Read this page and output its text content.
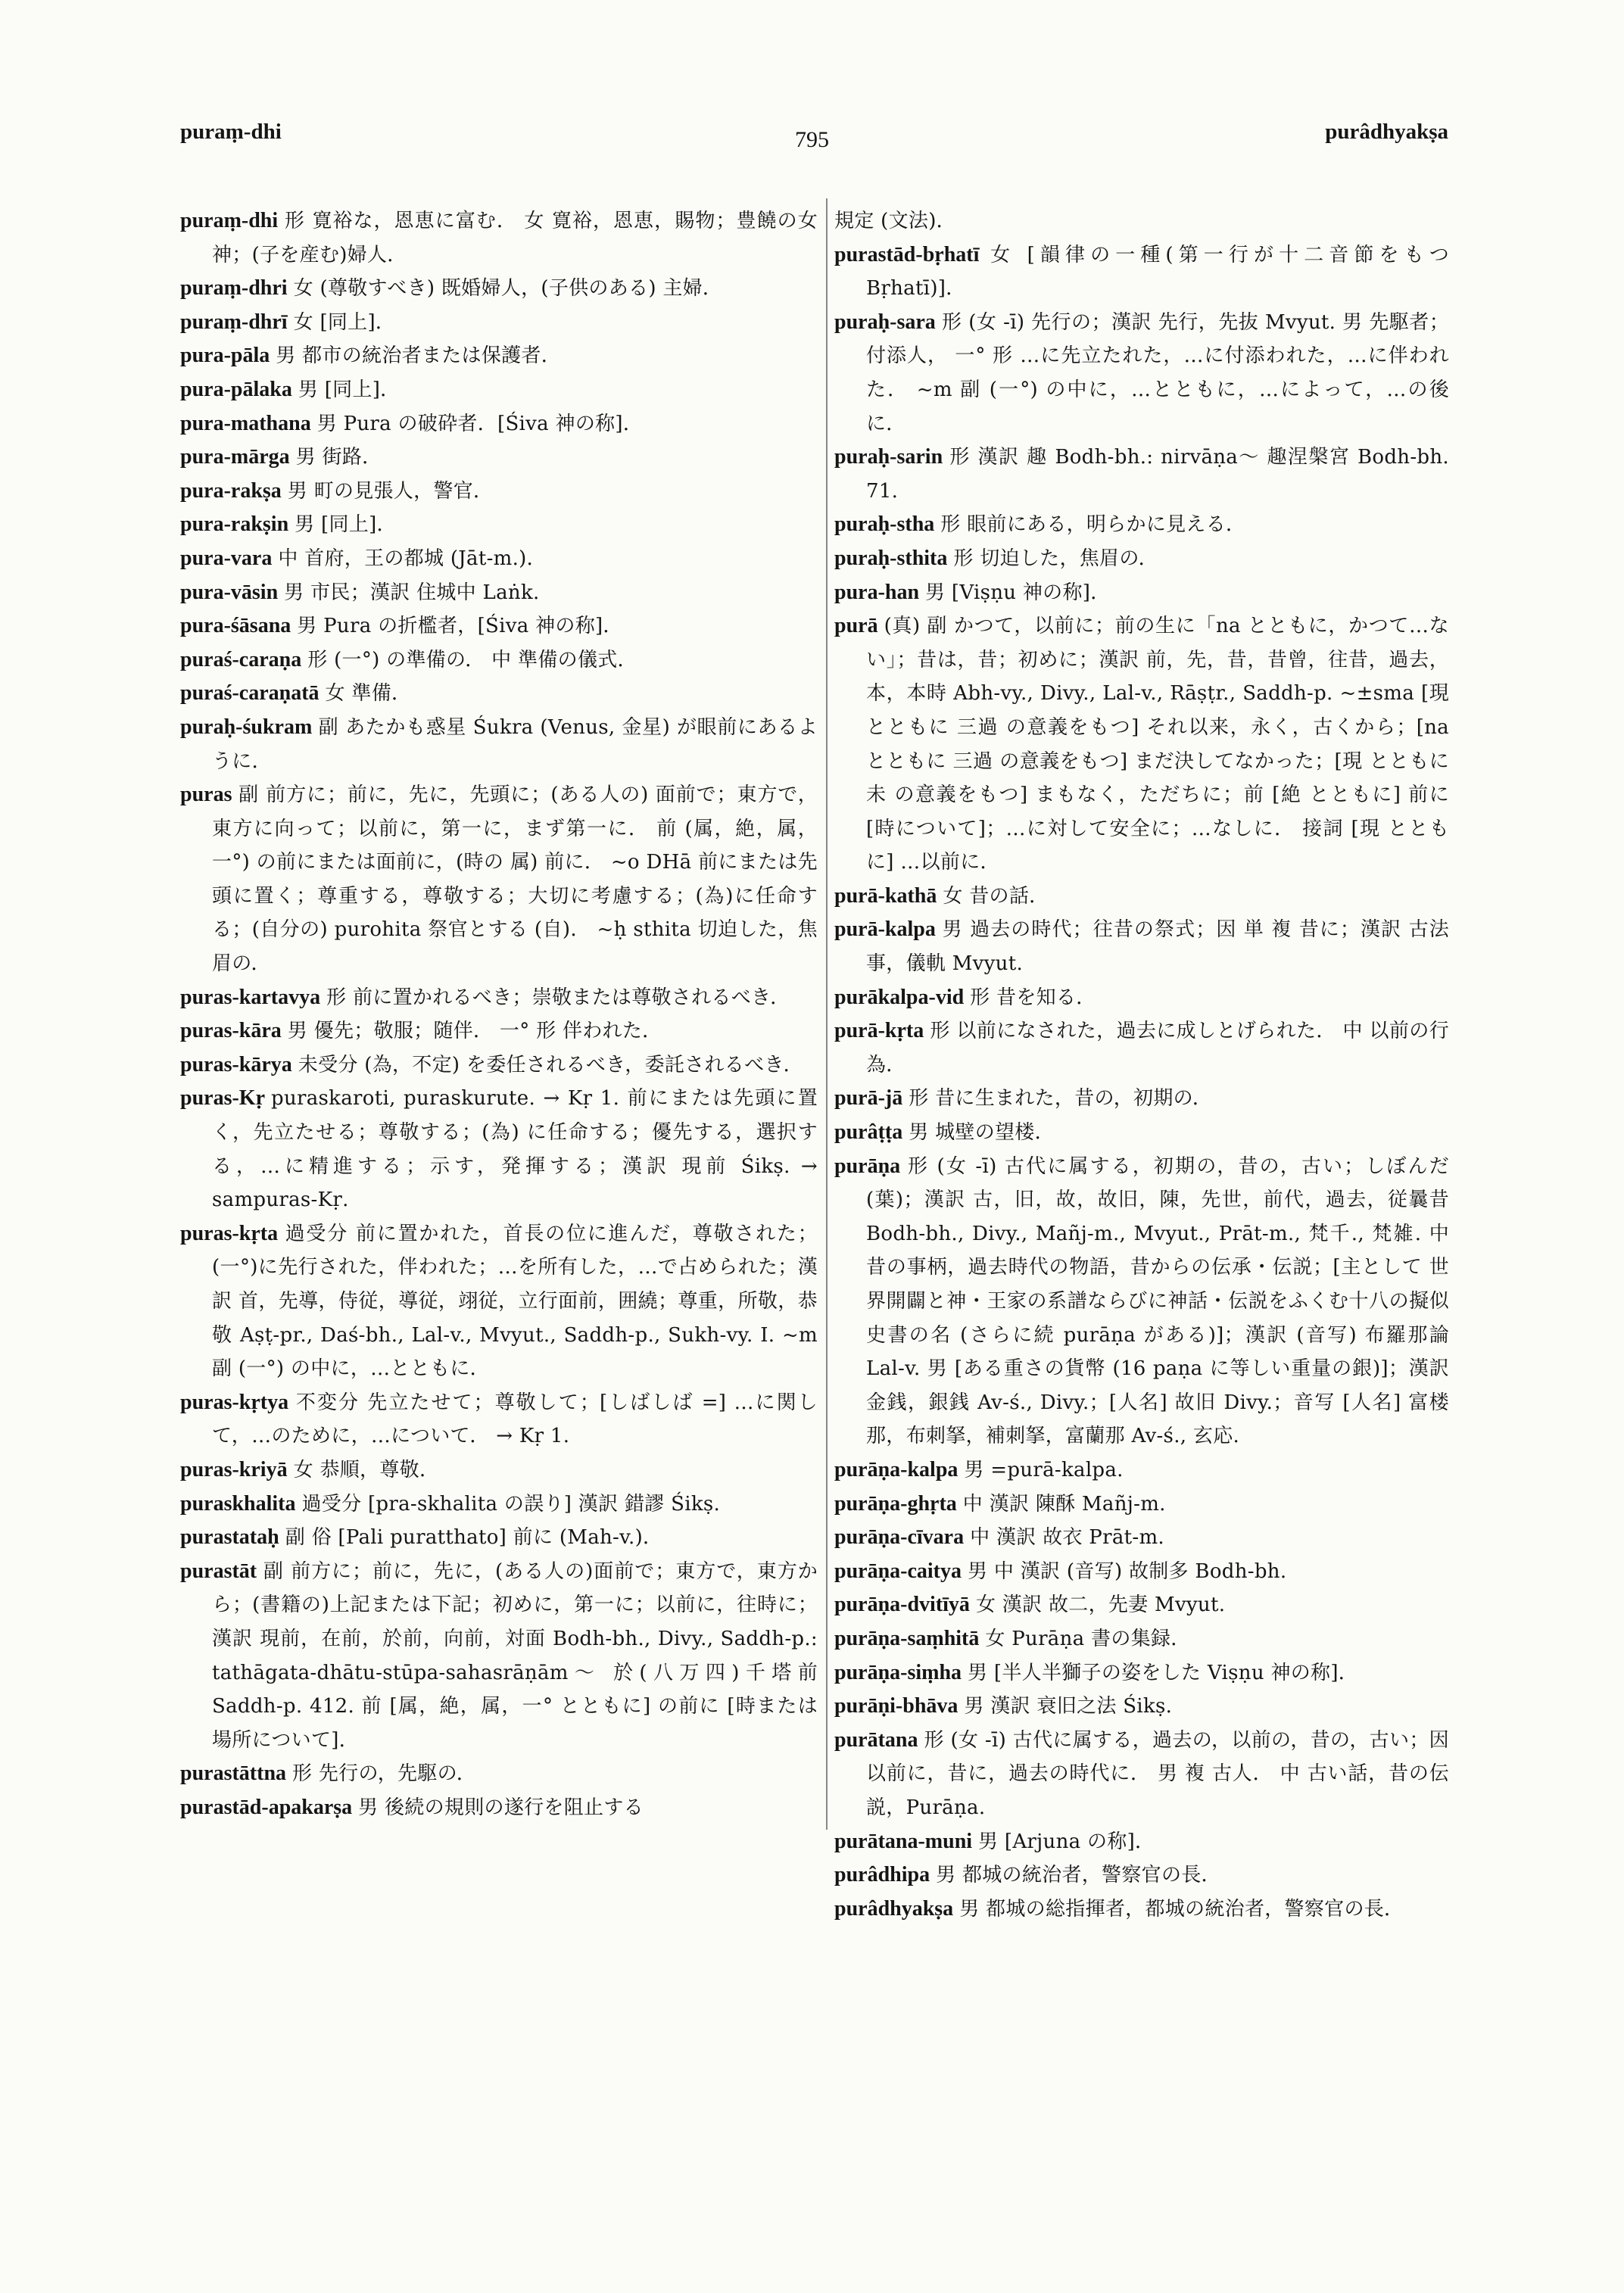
puraṃ-dhi	795	purâdhyakṣa
puraṃ-dhi 形 寛裕な，恩恵に富む． 女 寛裕，恩恵，賜物；豊饒の女神；(子を産む)婦人．
puraṃ-dhri 女 (尊敬すべき) 既婚婦人，(子供のある) 主婦．
puraṃ-dhrī 女 [同上]．
pura-pāla 男 都市の統治者または保護者．
pura-pālaka 男 [同上]．
pura-mathana 男 Pura の破砕者．[Śiva 神の称]．
pura-mārga 男 街路．
pura-rakṣa 男 町の見張人，警官．
pura-rakṣin 男 [同上]．
pura-vara 中 首府，王の都城 (Jāt-m.)．
pura-vāsin 男 市民；漢訳 住城中 Laṅk.
pura-śāsana 男 Pura の折檻者，[Śiva 神の称]．
puraś-caraṇa 形 (一°) の準備の． 中 準備の儀式．
puraś-caraṇatā 女 準備．
puraḥ-śukram 副 あたかも惑星 Śukra (Venus, 金星) が眼前にあるように．
puras 副 前方に；前に，先に，先頭に；(ある人の) 面前で；東方で，東方に向って；以前に，第一に，まず第一に． 前 (属，絶，属，一°) の前にまたは面前に，(時の 属) 前に． ~o DHā 前にまたは先頭に置く；尊重する，尊敬する；大切に考慮する；(為)に任命する；(自分の) purohita 祭官とする (自)． ~ḥ sthita 切迫した，焦眉の．
puras-kartavya 形 前に置かれるべき；崇敬または尊敬されるべき．
puras-kāra 男 優先；敬服；随伴． 一° 形 伴われた．
puras-kārya 未受分 (為，不定) を委任されるべき，委託されるべき．
puras-Kṛ puraskaroti, puraskurute. → Kṛ 1. 前にまたは先頭に置く，先立たせる；尊敬する；(為) に任命する；優先する，選択する，…に精進する；示す，発揮する；漢訳 現前 Śikṣ. → sampuras-Kṛ.
puras-kṛta 過受分 前に置かれた，首長の位に進んだ，尊敬された；(一°)に先行された，伴われた；…を所有した，…で占められた；漢訳 首，先導，侍従，導従，翊従，立行面前，囲繞；尊重，所敬，恭敬 Aṣṭ-pr., Daś-bh., Lal-v., Mvyut., Saddh-p., Sukh-vy. I. ~m 副 (一°) の中に，…とともに．
puras-kṛtya 不変分 先立たせて；尊敬して；[しばしば =] …に関して，…のために，…について． → Kṛ 1.
puras-kriyā 女 恭順，尊敬．
puraskhalita 過受分 [pra-skhalita の誤り] 漢訳 錯謬 Śikṣ.
purastataḥ 副 俗 [Pali puratthato] 前に (Mah-v.)．
purastāt 副 前方に；前に，先に，(ある人の)面前で；東方で，東方から；(書籍の)上記または下記；初めに，第一に；以前に，往時に；漢訳 現前，在前，於前，向前，対面 Bodh-bh., Divy., Saddh-p.: tathāgata-dhātu-stūpa-sahasrāṇām～ 於(八万四)千塔前 Saddh-p. 412. 前 [属，絶，属，一° とともに] の前に [時または場所について]．
purastāttna 形 先行の，先駆の．
purastād-apakarṣa 男 後続の規則の遂行を阻止する
規定 (文法)．
purastād-bṛhatī 女 [韻律の一種(第一行が十二音節をもつ Bṛhatī)]．
puraḥ-sara 形 (女 -ī) 先行の；漢訳 先行，先抜 Mvyut. 男 先駆者；付添人， 一° 形 …に先立たれた，…に付添われた，…に伴われた． ~m 副 (一°) の中に，…とともに，…によって，…の後に．
puraḥ-sarin 形 漢訳 趣 Bodh-bh.: nirvāṇa～ 趣涅槃宮 Bodh-bh. 71.
puraḥ-stha 形 眼前にある，明らかに見える．
puraḥ-sthita 形 切迫した，焦眉の．
pura-han 男 [Viṣṇu 神の称]．
purā (真) 副 かつて，以前に；前の生に「na とともに，かつて…ない」；昔は，昔；初めに；漢訳 前，先，昔，昔曾，往昔，過去，本，本時 Abh-vy., Divy., Lal-v., Rāṣṭr., Saddh-p. ~±sma [現 とともに 三過 の意義をもつ] それ以来，永く，古くから；[na とともに 三過 の意義をもつ] まだ決してなかった；[現 とともに 未 の意義をもつ] まもなく，ただちに；前 [絶 とともに] 前に [時について]；…に対して安全に；…なしに． 接詞 [現 とともに] …以前に．
purā-kathā 女 昔の話．
purā-kalpa 男 過去の時代；往昔の祭式；因 単 複 昔に；漢訳 古法事，儀軌 Mvyut.
purākalpa-vid 形 昔を知る．
purā-kṛta 形 以前になされた，過去に成しとげられた． 中 以前の行為．
purā-jā 形 昔に生まれた，昔の，初期の．
purâṭṭa 男 城壁の望楼．
purāṇa 形 (女 -ī) 古代に属する，初期の，昔の，古い；しぼんだ(葉)；漢訳 古，旧，故，故旧，陳，先世，前代，過去，従曩昔 Bodh-bh., Divy., Mañj-m., Mvyut., Prāt-m., 梵千., 梵雑. 中 昔の事柄，過去時代の物語，昔からの伝承・伝説；[主として 世界開闢と神・王家の系譜ならびに神話・伝説をふくむ十八の擬似史書の名 (さらに続 purāṇa がある)]；漢訳 (音写) 布羅那論 Lal-v. 男 [ある重さの貨幣 (16 paṇa に等しい重量の銀)]；漢訳 金銭，銀銭 Av-ś., Divy.；[人名] 故旧 Divy.；音写 [人名] 富楼那，布刺拏，補刺拏，富蘭那 Av-ś., 玄応.
purāṇa-kalpa 男 =purā-kalpa.
purāṇa-ghṛta 中 漢訳 陳酥 Mañj-m.
purāṇa-cīvara 中 漢訳 故衣 Prāt-m.
purāṇa-caitya 男 中 漢訳 (音写) 故制多 Bodh-bh.
purāṇa-dvitīyā 女 漢訳 故二，先妻 Mvyut.
purāṇa-saṃhitā 女 Purāṇa 書の集録．
purāṇa-siṃha 男 [半人半獅子の姿をした Viṣṇu 神の称]．
purāṇi-bhāva 男 漢訳 衰旧之法 Śikṣ.
purātana 形 (女 -ī) 古代に属する，過去の，以前の，昔の，古い；因 以前に，昔に，過去の時代に． 男 複 古人． 中 古い話，昔の伝説，Purāṇa.
purātana-muni 男 [Arjuna の称]．
purâdhipa 男 都城の統治者，警察官の長．
purâdhyakṣa 男 都城の総指揮者，都城の統治者，警察官の長．
